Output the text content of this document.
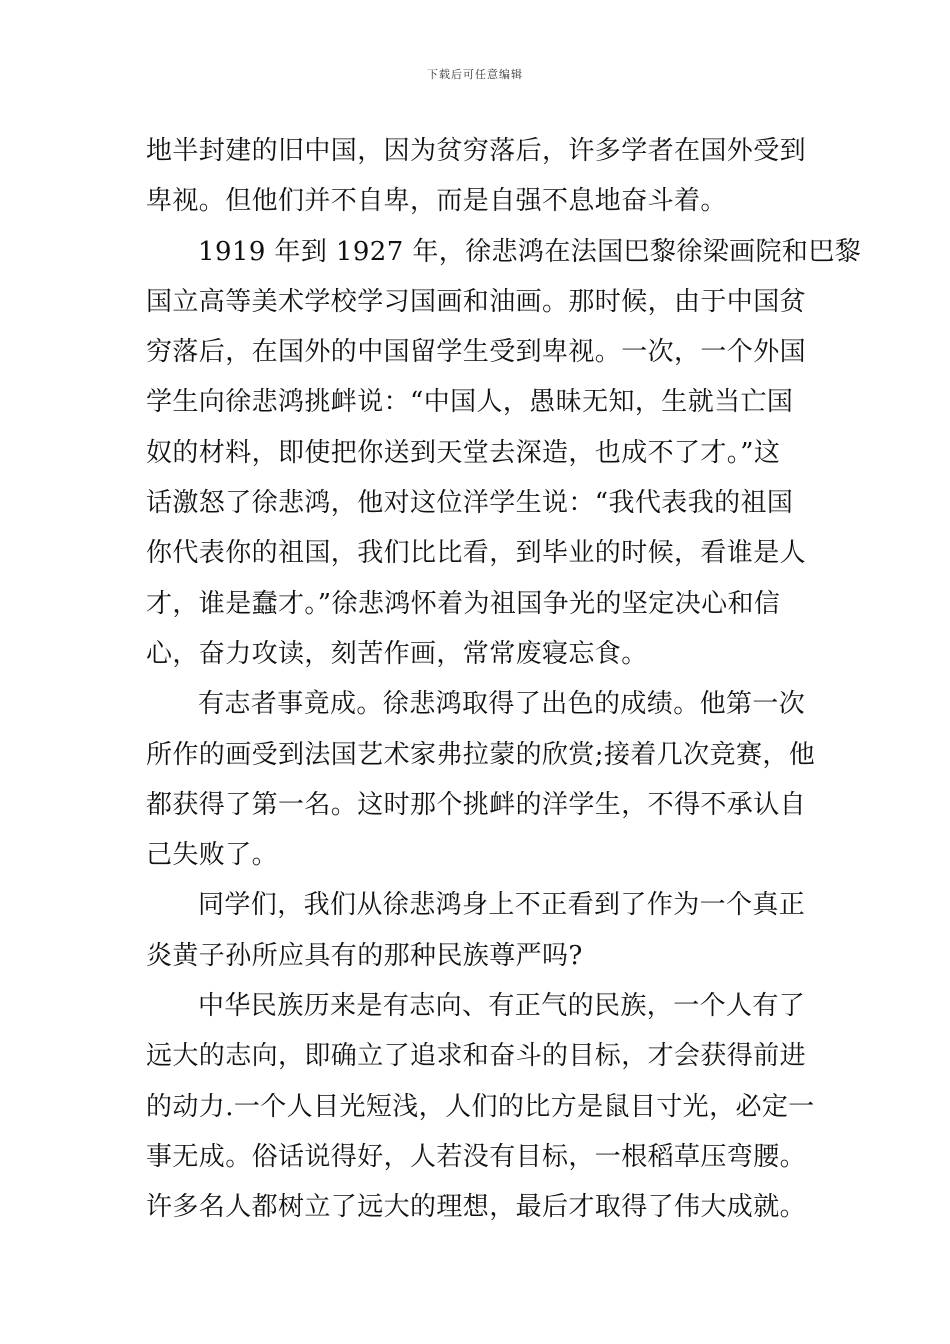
下载后可任意编辑
地半封建的旧中国，因为贫穷落后，许多学者在国外受到
卑视。但他们并不自卑，而是自强不息地奋斗着。
1919 年到 1927 年，徐悲鸿在法国巴黎徐梁画院和巴黎
国立高等美术学校学习国画和油画。那时候，由于中国贫
穷落后，在国外的中国留学生受到卑视。一次，一个外国
学生向徐悲鸿挑衅说：“中国人，愚昧无知，生就当亡国
奴的材料，即使把你送到天堂去深造，也成不了才。”这
话激怒了徐悲鸿，他对这位洋学生说：“我代表我的祖国
你代表你的祖国，我们比比看，到毕业的时候，看谁是人
才，谁是蠢才。”徐悲鸿怀着为祖国争光的坚定决心和信
心，奋力攻读，刻苦作画，常常废寝忘食。
有志者事竟成。徐悲鸿取得了出色的成绩。他第一次
所作的画受到法国艺术家弗拉蒙的欣赏;接着几次竞赛，他
都获得了第一名。这时那个挑衅的洋学生，不得不承认自
己失败了。
同学们，我们从徐悲鸿身上不正看到了作为一个真正
炎黄子孙所应具有的那种民族尊严吗?
中华民族历来是有志向、有正气的民族，一个人有了
远大的志向，即确立了追求和奋斗的目标，才会获得前进
的动力.一个人目光短浅，人们的比方是鼠目寸光，必定一
事无成。俗话说得好，人若没有目标，一根稻草压弯腰。
许多名人都树立了远大的理想，最后才取得了伟大成就。
